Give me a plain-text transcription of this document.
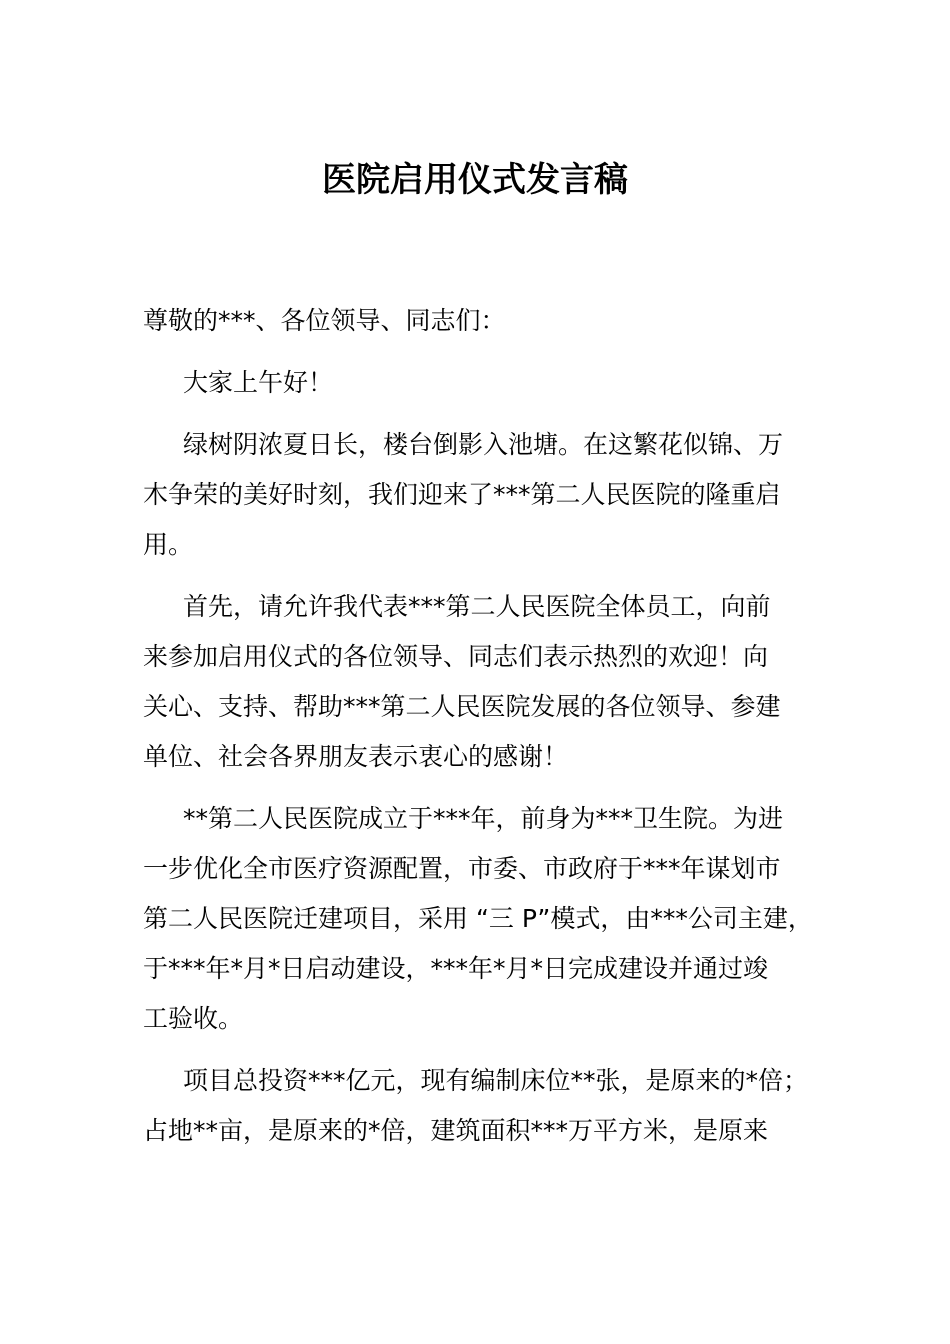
医院启用仪式发言稿
尊敬的***、各位领导、同志们：
大家上午好！
绿树阴浓夏日长，楼台倒影入池塘。在这繁花似锦、万
木争荣的美好时刻，我们迎来了***第二人民医院的隆重启
用。
首先，请允许我代表***第二人民医院全体员工，向前
来参加启用仪式的各位领导、同志们表示热烈的欢迎！向
关心、支持、帮助***第二人民医院发展的各位领导、参建
单位、社会各界朋友表示衷心的感谢！
**第二人民医院成立于***年，前身为***卫生院。为进
一步优化全市医疗资源配置，市委、市政府于***年谋划市
第二人民医院迁建项目，采用 “三 P”模式，由***公司主建，
于***年*月*日启动建设，***年*月*日完成建设并通过竣
工验收。
项目总投资***亿元，现有编制床位**张，是原来的*倍；
占地**亩，是原来的*倍，建筑面积***万平方米，是原来
